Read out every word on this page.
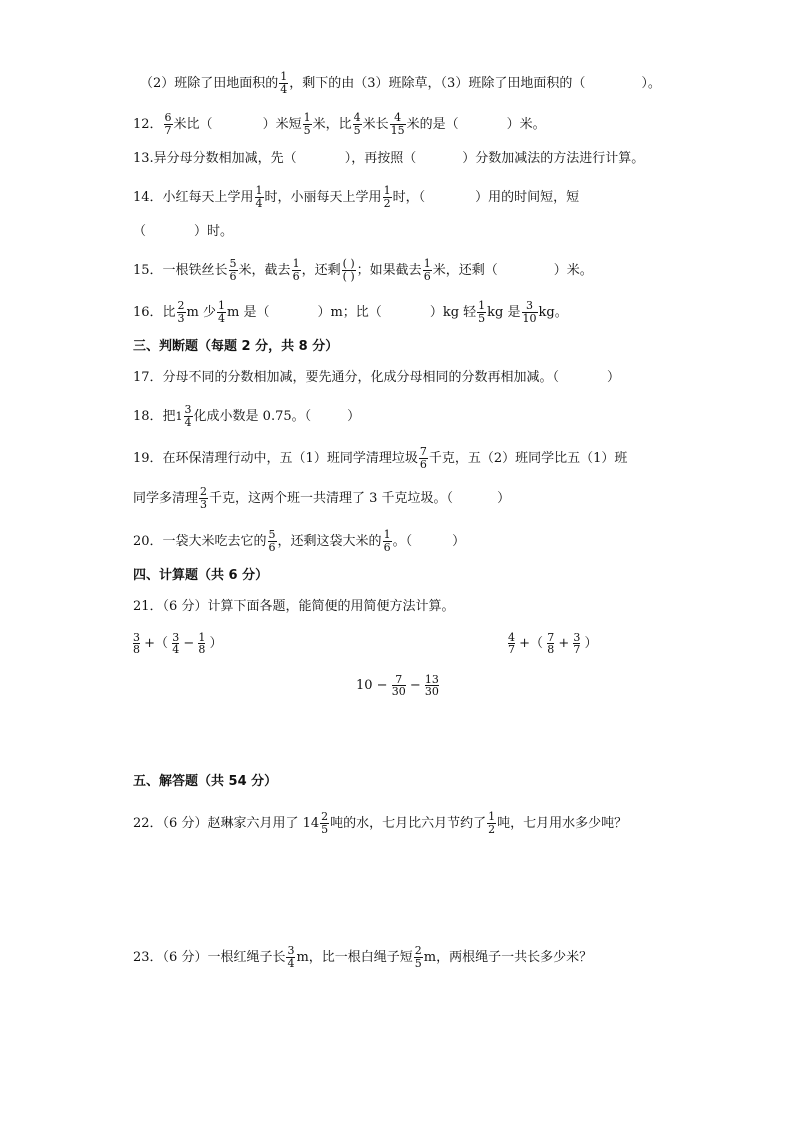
（2）班除了田地面积的 $\frac{1}{4}$ ，剩下的由（3）班除草，（3）班除了田地面积的（	）。
12． $\frac{6}{7}$ 米比（	）米短 $\frac{1}{5}$ 米，比 $\frac{4}{5}$ 米长 $\frac{4}{15}$ 米的是（	）米。
13.异分母分数相加减，先（	），再按照（	）分数加减法的方法进行计算。
14．小红每天上学用 $\frac{1}{4}$ 时，小丽每天上学用 $\frac{1}{2}$ 时，（	）用的时间短，短
（	）时。
15．一根铁丝长 $\frac{5}{6}$ 米，截去 $\frac{1}{6}$ ，还剩 ( )
( ) ；如果截去 $\frac{1}{6}$ 米，还剩（	）米。
16．比 $\frac{2}{3}$ m 少 $\frac{1}{4}$ m 是（	）m；比（	）kg 轻 $\frac{1}{5}$ kg 是 $\frac{3}{10}$ kg。
三、判断题（每题 2 分，共 8 分）
17．分母不同的分数相加减，要先通分，化成分母相同的分数再相加减。（	）
18．把 $1 \frac{3}{4}$ 化成小数是 0.75。（	）
19．在环保清理行动中，五（1）班同学清理垃圾 $\frac{7}{6}$ 千克，五（2）班同学比五（1）班
同学多清理 $\frac{2}{3}$ 千克，这两个班一共清理了 3 千克垃圾。（	）
20．一袋大米吃去它的 $\frac{5}{6}$ ，还剩这袋大米的 $\frac{1}{6}$ 。（	）
四、计算题（共 6 分）
21．（6 分）计算下面各题，能简便的用简便方法计算。
$\frac{3}{8}$ +（ $\frac{3}{4} - \frac{1}{8}$ ）	$\frac{4}{7}$ +（ $\frac{7}{8} + \frac{3}{7}$ ）
$10 - \frac{7}{30} - \frac{13}{30}$
五、解答题（共 54 分）
22．（6 分）赵琳家六月用了 $14 \frac{2}{5}$ 吨的水，七月比六月节约了 $\frac{1}{2}$ 吨，七月用水多少吨？
23．（6 分）一根红绳子长 $\frac{3}{4}$ m，比一根白绳子短 $\frac{2}{5}$ m，两根绳子一共长多少米？
